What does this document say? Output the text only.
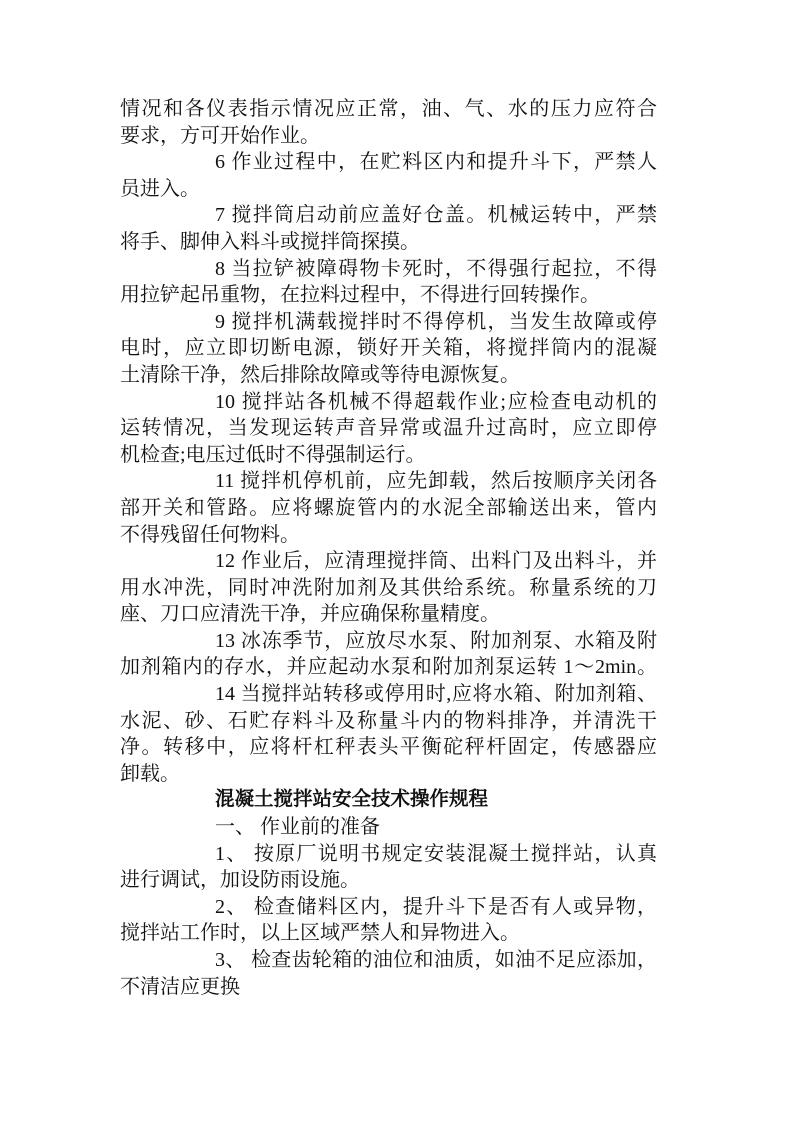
情况和各仪表指示情况应正常，油、气、水的压力应符合
要求，方可开始作业。
6 作业过程中，在贮料区内和提升斗下，严禁人
员进入。
7 搅拌筒启动前应盖好仓盖。机械运转中，严禁
将手、脚伸入料斗或搅拌筒探摸。
8 当拉铲被障碍物卡死时，不得强行起拉，不得
用拉铲起吊重物，在拉料过程中，不得进行回转操作。
9 搅拌机满载搅拌时不得停机，当发生故障或停
电时，应立即切断电源，锁好开关箱，将搅拌筒内的混凝
土清除干净，然后排除故障或等待电源恢复。
10 搅拌站各机械不得超载作业;应检查电动机的
运转情况，当发现运转声音异常或温升过高时，应立即停
机检查;电压过低时不得强制运行。
11 搅拌机停机前，应先卸载，然后按顺序关闭各
部开关和管路。应将螺旋管内的水泥全部输送出来，管内
不得残留任何物料。
12 作业后，应清理搅拌筒、出料门及出料斗，并
用水冲洗，同时冲洗附加剂及其供给系统。称量系统的刀
座、刀口应清洗干净，并应确保称量精度。
13 冰冻季节，应放尽水泵、附加剂泵、水箱及附
加剂箱内的存水，并应起动水泵和附加剂泵运转 1～2min。
14 当搅拌站转移或停用时,应将水箱、附加剂箱、
水泥、砂、石贮存料斗及称量斗内的物料排净，并清洗干
净。转移中，应将杆杠秤表头平衡砣秤杆固定，传感器应
卸载。
混凝土搅拌站安全技术操作规程
一、 作业前的准备
1、 按原厂说明书规定安装混凝土搅拌站，认真
进行调试，加设防雨设施。
2、 检查储料区内，提升斗下是否有人或异物，
搅拌站工作时，以上区域严禁人和异物进入。
3、 检查齿轮箱的油位和油质，如油不足应添加，
不清洁应更换
